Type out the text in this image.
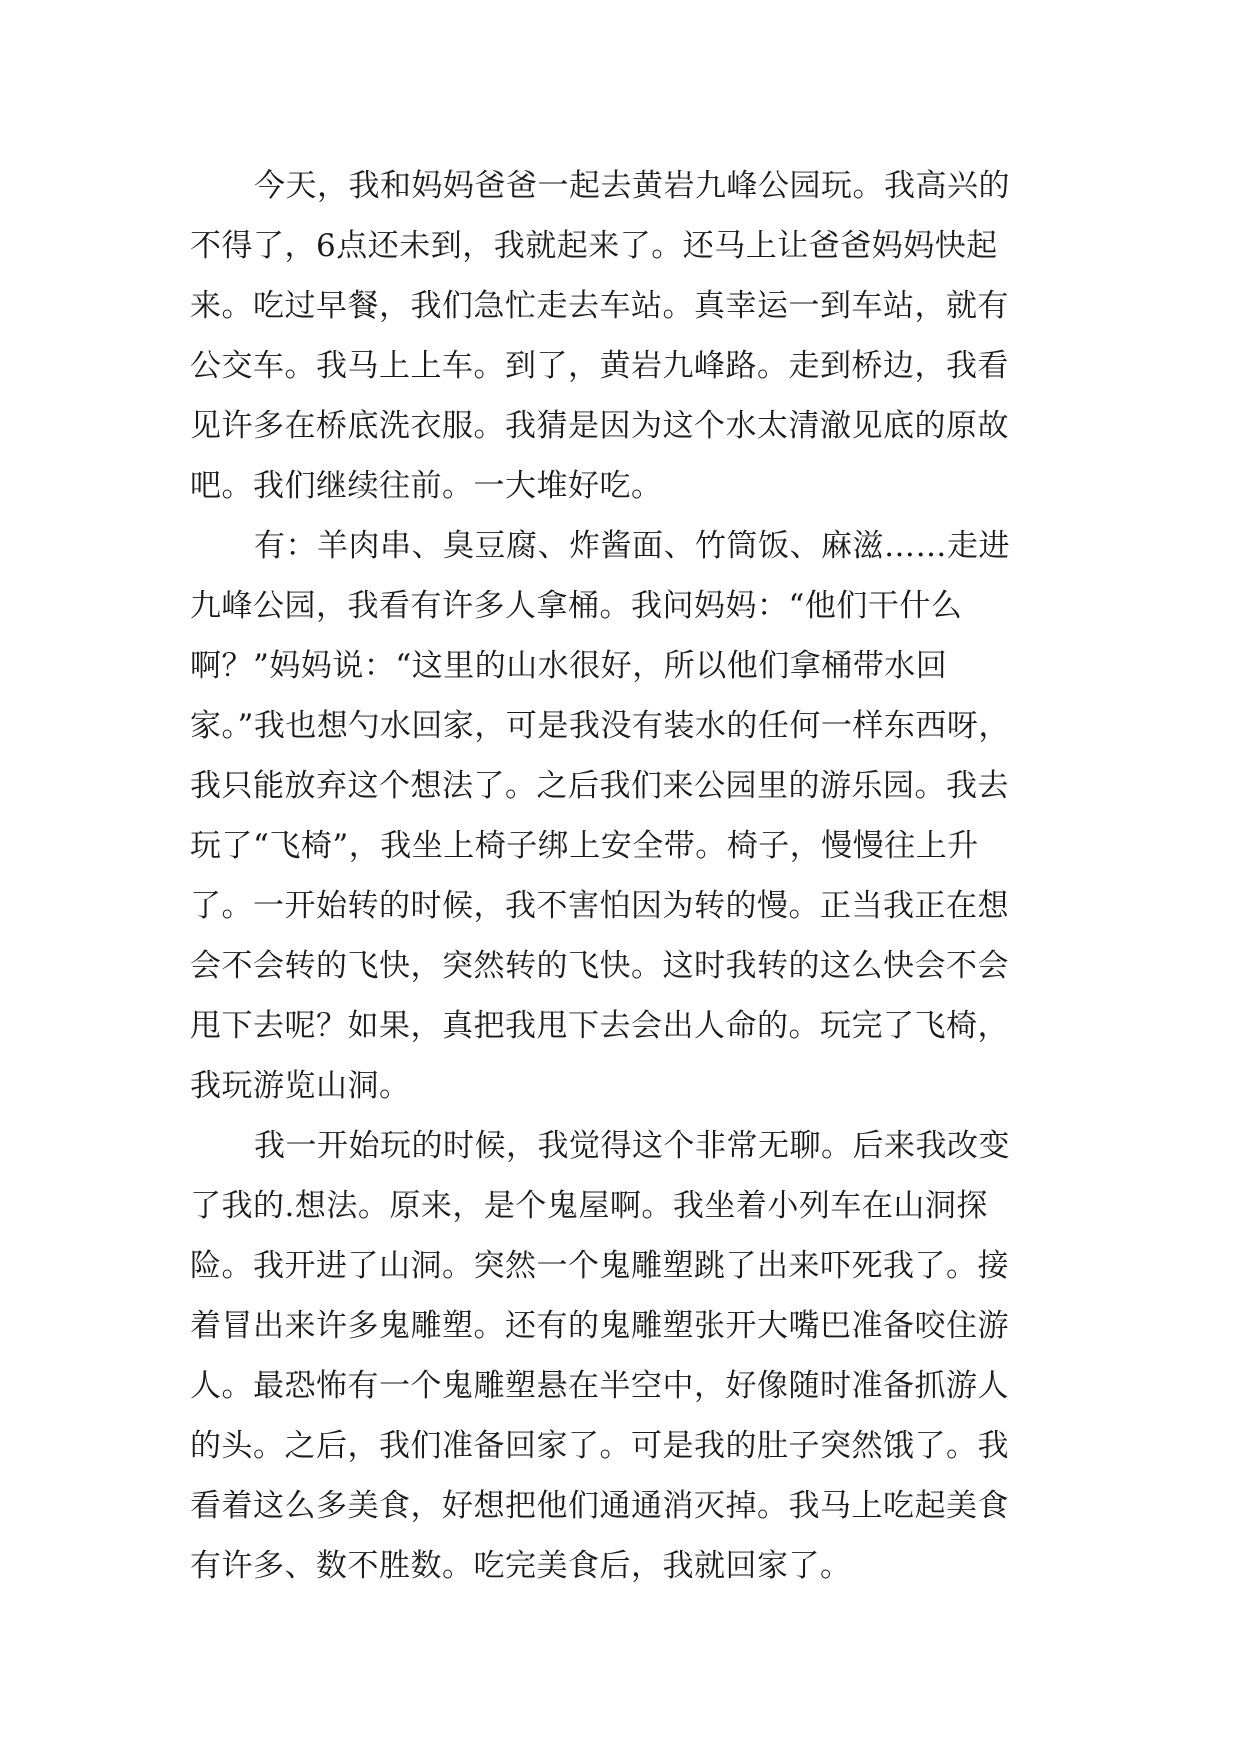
今天，我和妈妈爸爸一起去黄岩九峰公园玩。我高兴的
不得了，6点还未到，我就起来了。还马上让爸爸妈妈快起
来。吃过早餐，我们急忙走去车站。真幸运一到车站，就有
公交车。我马上上车。到了，黄岩九峰路。走到桥边，我看
见许多在桥底洗衣服。我猜是因为这个水太清澈见底的原故
吧。我们继续往前。一大堆好吃。
有：羊肉串、臭豆腐、炸酱面、竹筒饭、麻滋……走进
九峰公园，我看有许多人拿桶。我问妈妈：“他们干什么
啊？”妈妈说：“这里的山水很好，所以他们拿桶带水回
家。”我也想勺水回家，可是我没有装水的任何一样东西呀，
我只能放弃这个想法了。之后我们来公园里的游乐园。我去
玩了“飞椅”，我坐上椅子绑上安全带。椅子，慢慢往上升
了。一开始转的时候，我不害怕因为转的慢。正当我正在想
会不会转的飞快，突然转的飞快。这时我转的这么快会不会
甩下去呢？如果，真把我甩下去会出人命的。玩完了飞椅，
我玩游览山洞。
我一开始玩的时候，我觉得这个非常无聊。后来我改变
了我的.想法。原来，是个鬼屋啊。我坐着小列车在山洞探
险。我开进了山洞。突然一个鬼雕塑跳了出来吓死我了。接
着冒出来许多鬼雕塑。还有的鬼雕塑张开大嘴巴准备咬住游
人。最恐怖有一个鬼雕塑悬在半空中，好像随时准备抓游人
的头。之后，我们准备回家了。可是我的肚子突然饿了。我
看着这么多美食，好想把他们通通消灭掉。我马上吃起美食
有许多、数不胜数。吃完美食后，我就回家了。
